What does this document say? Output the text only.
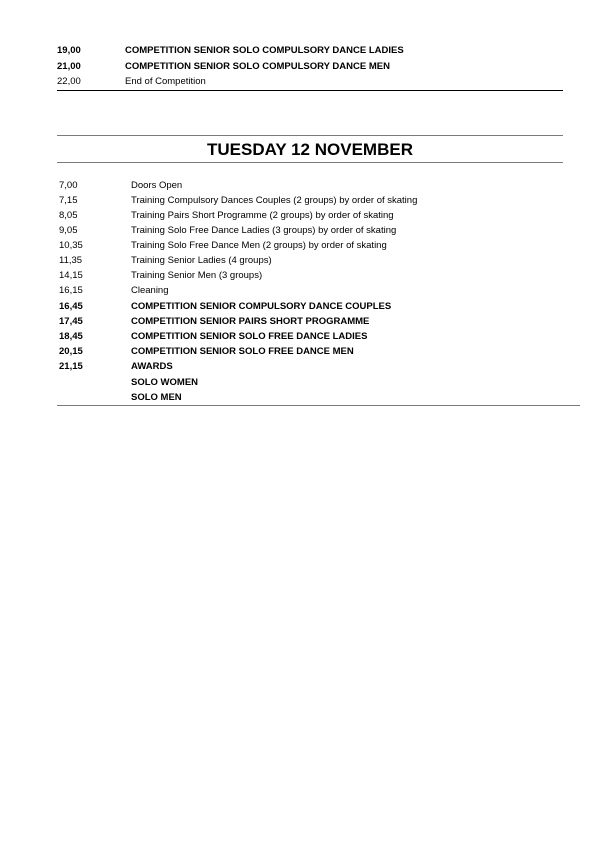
19,00	COMPETITION SENIOR SOLO COMPULSORY DANCE LADIES
21,00	COMPETITION SENIOR SOLO COMPULSORY DANCE MEN
22,00	End of Competition
TUESDAY 12 NOVEMBER
7,00	Doors Open
7,15	Training Compulsory Dances Couples (2 groups) by order of skating
8,05	Training Pairs Short Programme (2 groups) by order of skating
9,05	Training Solo Free Dance Ladies (3 groups) by order of skating
10,35	Training Solo Free Dance Men (2 groups) by order of skating
11,35	Training Senior Ladies (4 groups)
14,15	Training Senior Men (3 groups)
16,15	Cleaning
16,45	COMPETITION SENIOR COMPULSORY DANCE COUPLES
17,45	COMPETITION SENIOR PAIRS SHORT PROGRAMME
18,45	COMPETITION SENIOR SOLO FREE DANCE LADIES
20,15	COMPETITION SENIOR SOLO FREE DANCE MEN
21,15	AWARDS
SOLO WOMEN
SOLO MEN
